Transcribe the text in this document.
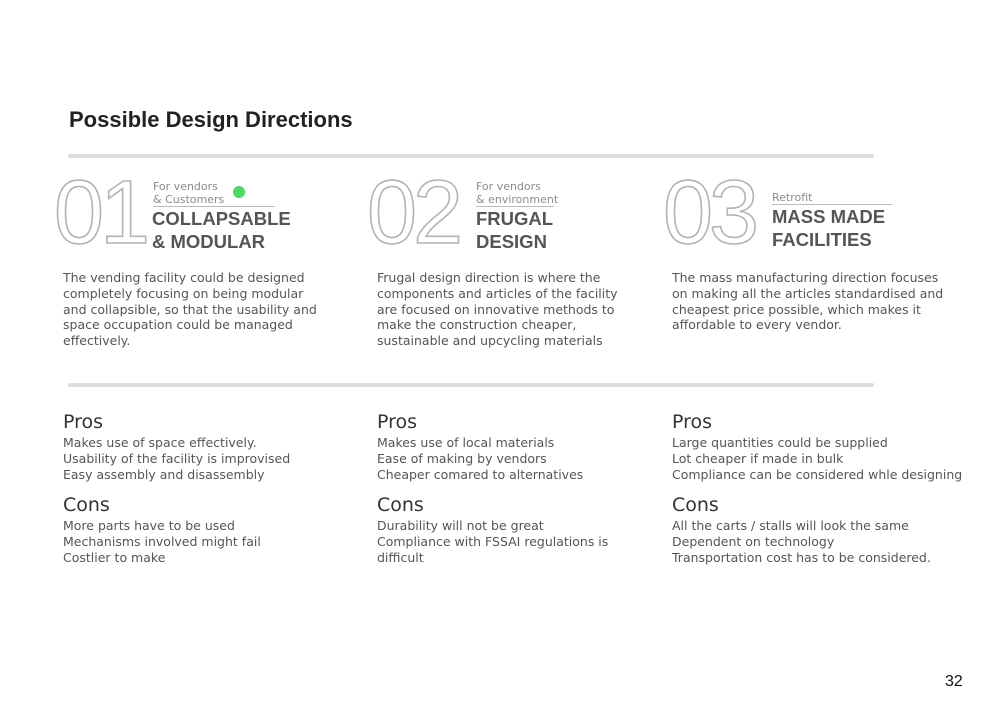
Possible Design Directions
01 For vendors
& Customers
COLLAPSABLE
& MODULAR
The vending facility could be designed
completely focusing on being modular
and collapsible, so that the usability and
space occupation could be managed
effectively.
02 For vendors
& environment
FRUGAL
DESIGN
Frugal design direction is where the
components and articles of the facility
are focused on innovative methods to
make the construction cheaper,
sustainable and upcycling materials
03 Retrofit
MASS MADE
FACILITIES
The mass manufacturing direction focuses
on making all the articles standardised and
cheapest price possible, which makes it
affordable to every vendor.
Pros
Makes use of space effectively.
Usability of the facility is improvised
Easy assembly and disassembly
Cons
More parts have to be used
Mechanisms involved might fail
Costlier to make
Pros
Makes use of local materials
Ease of making by vendors
Cheaper comared to alternatives
Cons
Durability will not be great
Compliance with FSSAI regulations is
difficult
Pros
Large quantities could be supplied
Lot cheaper if made in bulk
Compliance can be considered whle designing
Cons
All the carts / stalls will look the same
Dependent on technology
Transportation cost has to be considered.
32
